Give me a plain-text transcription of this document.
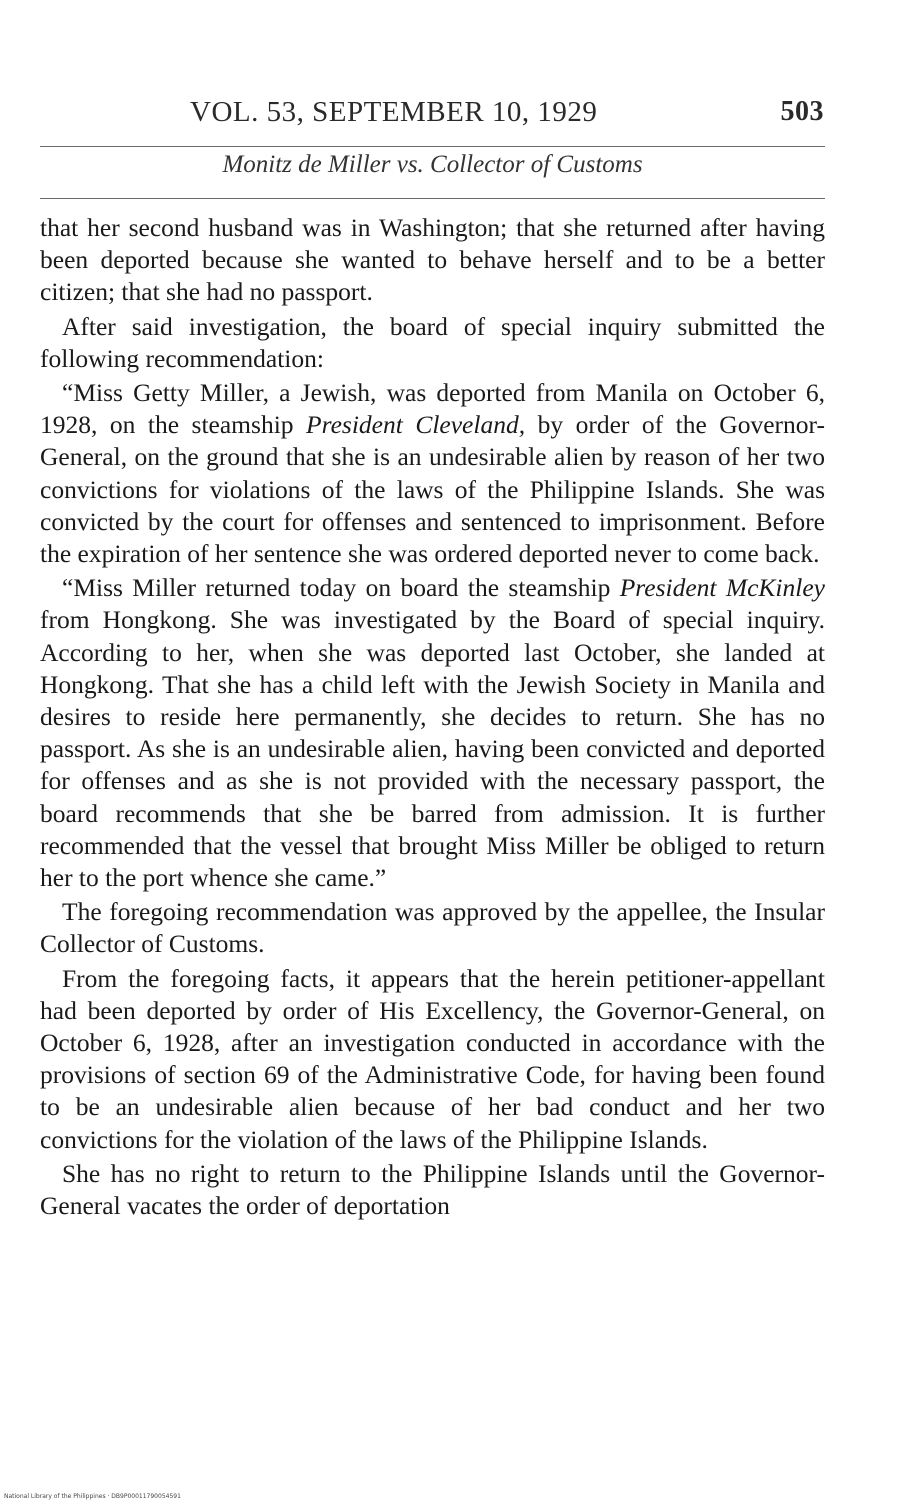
VOL. 53, SEPTEMBER 10, 1929	503
Monitz de Miller vs. Collector of Customs

that her second husband was in Washington; that she returned after having been deported because she wanted to behave herself and to be a better citizen; that she had no passport.

After said investigation, the board of special inquiry submitted the following recommendation:

“Miss Getty Miller, a Jewish, was deported from Manila on October 6, 1928, on the steamship President Cleveland, by order of the Governor-General, on the ground that she is an undesirable alien by reason of her two convictions for violations of the laws of the Philippine Islands. She was convicted by the court for offenses and sentenced to imprisonment. Before the expiration of her sentence she was ordered deported never to come back.

“Miss Miller returned today on board the steamship President McKinley from Hongkong. She was investigated by the Board of special inquiry. According to her, when she was deported last October, she landed at Hongkong. That she has a child left with the Jewish Society in Manila and desires to reside here permanently, she decides to return. She has no passport. As she is an undesirable alien, having been convicted and deported for offenses and as she is not provided with the necessary passport, the board recommends that she be barred from admission. It is further recommended that the vessel that brought Miss Miller be obliged to return her to the port whence she came.”

The foregoing recommendation was approved by the appellee, the Insular Collector of Customs.

From the foregoing facts, it appears that the herein petitioner-appellant had been deported by order of His Excellency, the Governor-General, on October 6, 1928, after an investigation conducted in accordance with the provisions of section 69 of the Administrative Code, for having been found to be an undesirable alien because of her bad conduct and her two convictions for the violation of the laws of the Philippine Islands.

She has no right to return to the Philippine Islands until the Governor-General vacates the order of deportation

National Library of the Philippines · DB9P00011790054591
